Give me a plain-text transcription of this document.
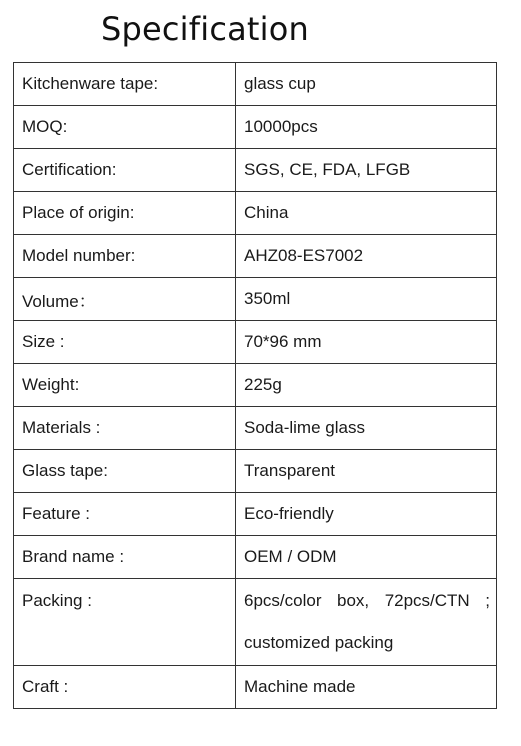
Specification
Kitchenware tape:	glass cup
MOQ:	10000pcs
Certification:	SGS, CE, FDA, LFGB
Place of origin:	China
Model number:	AHZ08-ES7002
Volume：	350ml
Size :	70*96 mm
Weight:	225g
Materials :	Soda-lime glass
Glass tape:	Transparent
Feature :	Eco-friendly
Brand name :	OEM / ODM
Packing :	6pcs/color box, 72pcs/CTN ;
customized packing

Craft :	Machine made
